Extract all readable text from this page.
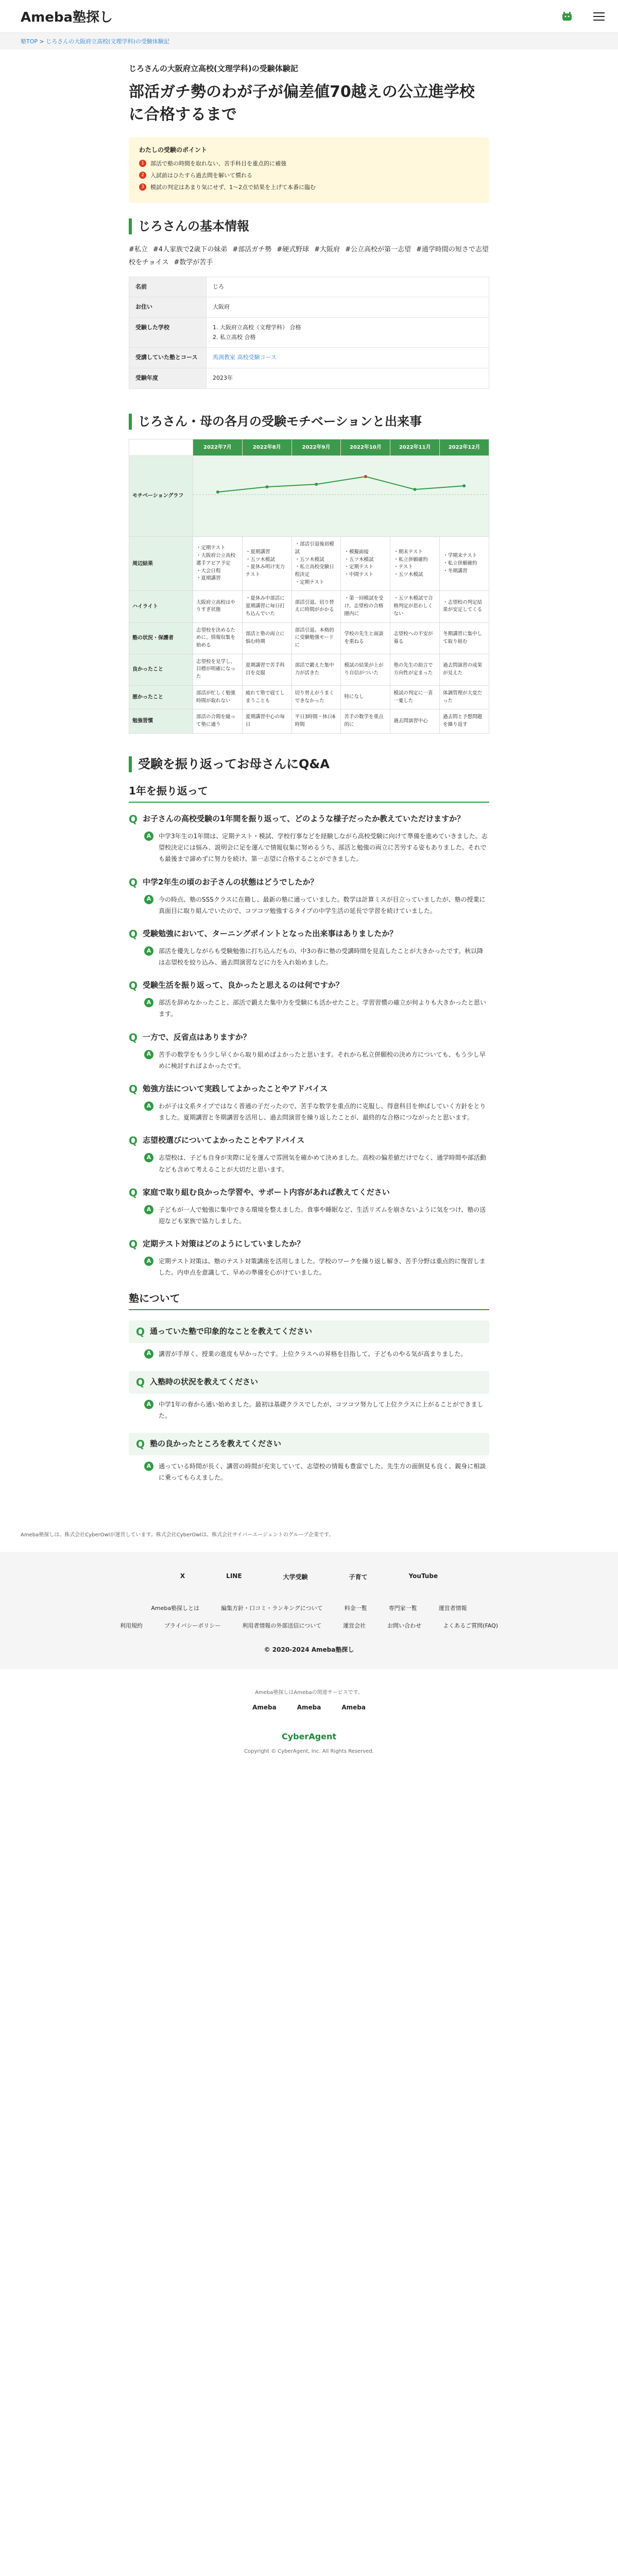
Ameba塾探し
塾TOP > じろさんの大阪府立高校(文理学科)の受験体験記
じろさんの大阪府立高校(文理学科)の受験体験記
部活ガチ勢のわが子が偏差値70越えの公立進学校に合格するまで
わたしの受験のポイント
1	部活で塾の時間を取れない、苦手科目を重点的に補強
2	入試前はひたすら過去問を解いて慣れる
3	模試の判定はあまり気にせず、1～2点で結果を上げて本番に臨む
じろさんの基本情報
#私立 #4人家族で2歳下の妹弟 #部活ガチ勢 #硬式野球 #大阪府 #公立高校が第一志望 #通学時間の短さで志望校をチョイス #数学が苦手
名前	じろ
お住い	大阪府
受験した学校	1. 大阪府立高校（文理学科） 合格
2. 私立高校 合格
受講していた塾とコース	馬渕教室 高校受験コース
受験年度	2023年
じろさん・母の各月の受験モチベーションと出来事
	2022年7月	2022年8月	2022年9月	2022年10月	2022年11月	2022年12月
モチベーショングラフ	
周辺結果	・定期テスト
・大阪府公立高校選手アピア予定
・大会日程
・夏期講習	・夏期講習
・五ツ木模試
・夏休み明け実力テスト	・部活引退後初模試
・五ツ木模試
・私立高校受験日程決定
・定期テスト	・模擬面接
・五ツ木模試
・定期テスト
・中間テスト	・期末テスト
・私立併願確約
・テスト
・五ツ木模試	・学期末テスト
・私立併願確約
・冬期講習
ハイライト	大阪府立高校はやりすぎ状態	・夏休み中部活に夏期講習に毎日打ち込んでいた	部活引退。切り替えに時間がかかる	・第一回模試を受け、志望校の合格圏内に	・五ツ木模試で合格判定が思わしくない	・志望校の判定結果が安定してくる
塾の状況・保護者	志望校を決めるために、情報収集を始める	部活と塾の両立に悩む時期	部活引退。本格的に受験勉強モードに	学校の先生と面談を重ねる	志望校への不安が募る	冬期講習に集中して取り組む
良かったこと	志望校を見学し、目標が明確になった	夏期講習で苦手科目を克服	部活で鍛えた集中力が活きた	模試の結果が上がり自信がついた	塾の先生の助言で方向性が定まった	過去問演習の成果が見えた
悪かったこと	部活が忙しく勉強時間が取れない	疲れて塾で寝てしまうことも	切り替えがうまくできなかった	特になし	模試の判定に一喜一憂した	体調管理が大変だった
勉強習慣	部活の合間を縫って塾に通う	夏期講習中心の毎日	平日3時間・休日6時間	苦手の数学を重点的に	過去問演習中心	過去問と予想問題を繰り返す
受験を振り返ってお母さんにQ&A
1年を振り返って
Q お子さんの高校受験の1年間を振り返って、どのような様子だったか教えていただけますか？
A	中学3年生の1年間は、定期テスト・模試、学校行事などを経験しながら高校受験に向けて準備を進めていきました。志望校決定には悩み、説明会に足を運んで情報収集に努めるうち、部活と勉強の両立に苦労する姿もありました。それでも最後まで諦めずに努力を続け、第一志望に合格することができました。

Q 中学2年生の頃のお子さんの状態はどうでしたか？
A	今の時点、塾のSSSクラスに在籍し、最新の塾に通っていました。数学は計算ミスが目立っていましたが、塾の授業に真面目に取り組んでいたので、コツコツ勉強するタイプの中学生活の延長で学習を続けていました。

Q 受験勉強において、ターニングポイントとなった出来事はありましたか？
A	部活を優先しながらも受験勉強に打ち込んだもの、中3の春に塾の受講時間を見直したことが大きかったです。秋以降は志望校を絞り込み、過去問演習などに力を入れ始めました。

Q 受験生活を振り返って、良かったと思えるのは何ですか？
A	部活を辞めなかったこと、部活で鍛えた集中力を受験にも活かせたこと。学習習慣の確立が何よりも大きかったと思います。

Q 一方で、反省点はありますか？
A	苦手の数学をもう少し早くから取り組めばよかったと思います。それから私立併願校の決め方についても、もう少し早めに検討すればよかったです。

Q 勉強方法について実践してよかったことやアドバイス
A	わが子は文系タイプではなく普通の子だったので、苦手な数学を重点的に克服し、得意科目を伸ばしていく方針をとりました。夏期講習と冬期講習を活用し、過去問演習を繰り返したことが、最終的な合格につながったと思います。

Q 志望校選びについてよかったことやアドバイス
A	志望校は、子ども自身が実際に足を運んで雰囲気を確かめて決めました。高校の偏差値だけでなく、通学時間や部活動なども含めて考えることが大切だと思います。

Q 家庭で取り組む良かった学習や、サポート内容があれば教えてください
A	子どもが一人で勉強に集中できる環境を整えました。食事や睡眠など、生活リズムを崩さないように気をつけ、塾の送迎なども家族で協力しました。

Q 定期テスト対策はどのようにしていましたか？
A	定期テスト対策は、塾のテスト対策講座を活用しました。学校のワークを繰り返し解き、苦手分野は重点的に復習しました。内申点を意識して、早めの準備を心がけていました。

塾について
Q 通っていた塾で印象的なことを教えてください
A	講習が手厚く、授業の進度も早かったです。上位クラスへの昇格を目指して、子どものやる気が高まりました。

Q 入塾時の状況を教えてください
A	中学1年の春から通い始めました。最初は基礎クラスでしたが、コツコツ努力して上位クラスに上がることができました。

Q 塾の良かったところを教えてください
A	通っている時間が長く、講習の時間が充実していて、志望校の情報も豊富でした。先生方の面倒見も良く、親身に相談に乗ってもらえました。

Ameba塾探しは、株式会社CyberOwlが運営しています。株式会社CyberOwlは、株式会社サイバーエージェントのグループ企業です。
X	LINE	大学受験	子育て	YouTube
Ameba塾探しとは	編集方針・口コミ・ランキングについて	料金一覧	専門家一覧	運営者情報
利用規約	プライバシーポリシー	利用者情報の外部送信について	運営会社	お問い合わせ	よくあるご質問(FAQ)
© 2020-2024 Ameba塾探し
Ameba塾探しはAmebaの関連サービスです。
Ameba	Ameba	Ameba
CyberAgent
Copyright © CyberAgent, Inc. All Rights Reserved.
